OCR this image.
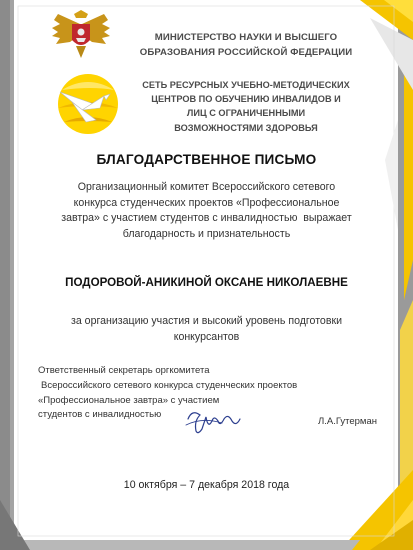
МИНИСТЕРСТВО НАУКИ И ВЫСШЕГО
ОБРАЗОВАНИЯ РОССИЙСКОЙ ФЕДЕРАЦИИ
СЕТЬ РЕСУРСНЫХ УЧЕБНО-МЕТОДИЧЕСКИХ
ЦЕНТРОВ ПО ОБУЧЕНИЮ ИНВАЛИДОВ И
ЛИЦ С ОГРАНИЧЕННЫМИ
ВОЗМОЖНОСТЯМИ ЗДОРОВЬЯ
БЛАГОДАРСТВЕННОЕ ПИСЬМО
Организационный комитет Всероссийского сетевого
конкурса студенческих проектов «Профессиональное
завтра» с участием студентов с инвалидностью  выражает
благодарность и признательность
ПОДОРОВОЙ-АНИКИНОЙ ОКСАНЕ НИКОЛАЕВНЕ
за организацию участия и высокий уровень подготовки
конкурсантов
Ответственный секретарь оргкомитета
Всероссийского сетевого конкурса студенческих проектов
«Профессиональное завтра» с участием
студентов с инвалидностью
Л.А.Гутерман
10 октября – 7 декабря 2018 года
